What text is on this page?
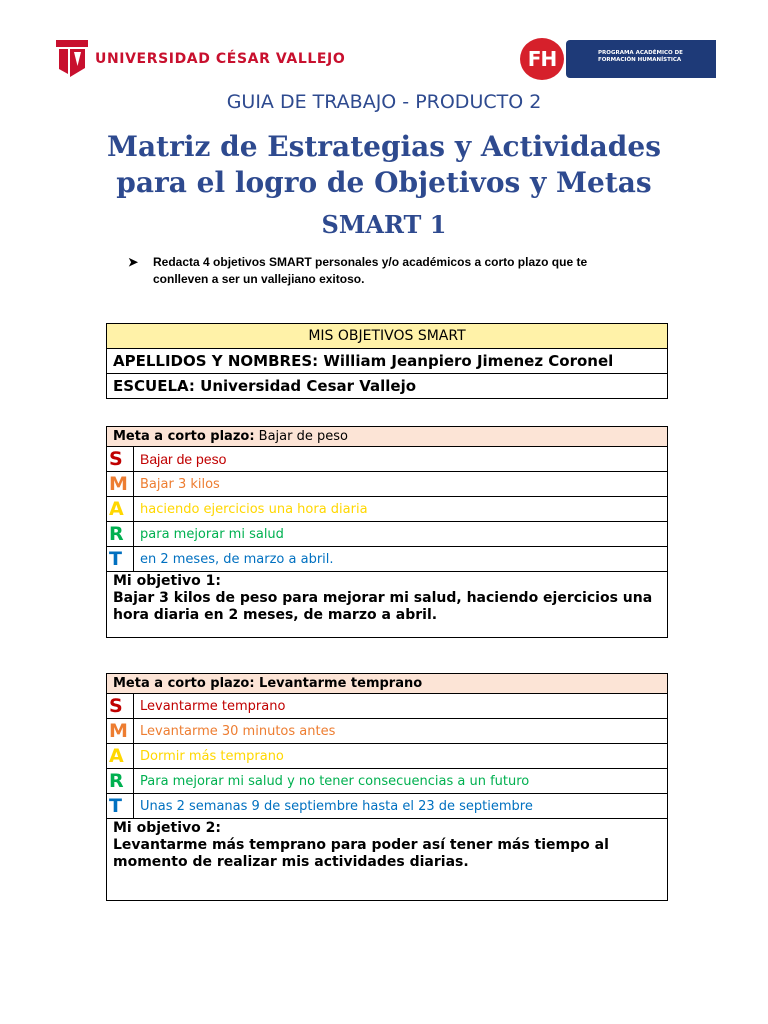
UNIVERSIDAD CÉSAR VALLEJO	FH	PROGRAMA ACADÉMICO DE
FORMACIÓN HUMANÍSTICA
GUIA DE TRABAJO - PRODUCTO 2
Matriz de Estrategias y Actividades
para el logro de Objetivos y Metas
SMART 1
➤ Redacta 4 objetivos SMART personales y/o académicos a corto plazo que te
conlleven a ser un vallejiano exitoso.
MIS OBJETIVOS SMART
APELLIDOS Y NOMBRES: William Jeanpiero Jimenez Coronel
ESCUELA: Universidad Cesar Vallejo
Meta a corto plazo: Bajar de peso	
S	Bajar de peso
M	Bajar 3 kilos
A	haciendo ejercicios una hora diaria
R	para mejorar mi salud
T	en 2 meses, de marzo a abril.

Mi objetivo 1:
Bajar 3 kilos de peso para mejorar mi salud, haciendo ejercicios una hora diaria en 2 meses, de marzo a abril.	
Meta a corto plazo: Levantarme temprano	
S	Levantarme temprano
M	Levantarme 30 minutos antes
A	Dormir más temprano
R	Para mejorar mi salud y no tener consecuencias a un futuro
T	Unas 2 semanas 9 de septiembre hasta el 23 de septiembre

Mi objetivo 2:
Levantarme más temprano para poder así tener más tiempo al momento de realizar mis actividades diarias.	
